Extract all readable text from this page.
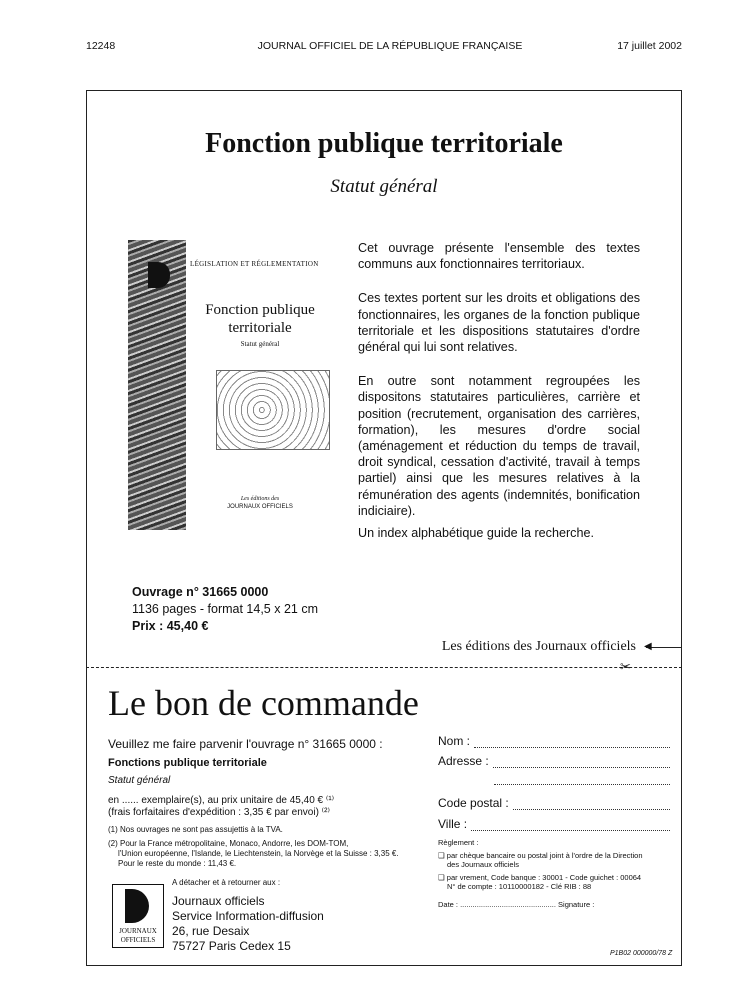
12248	JOURNAL OFFICIEL DE LA RÉPUBLIQUE FRANÇAISE	17 juillet 2002
Fonction publique territoriale
Statut général
LÉGISLATION ET RÉGLEMENTATION
Fonction publique
territoriale
Statut général
Les éditions des
JOURNAUX OFFICIELS

Cet ouvrage présente l'ensemble des textes communs aux fonctionnaires territoriaux.

Ces textes portent sur les droits et obligations des fonctionnaires, les organes de la fonction publique territoriale et les dispositions statutaires d'ordre général qui lui sont relatives.

En outre sont notamment regroupées les dispositons statutaires particulières, carrière et position (recrutement, organisation des carrières, formation), les mesures d'ordre social (aménagement et réduction du temps de travail, droit syndical, cessation d'activité, travail à temps partiel) ainsi que les mesures relatives à la rémunération des agents (indemnités, bonification indiciaire).

Un index alphabétique guide la recherche.

Ouvrage n° 31665 0000
1136 pages - format 14,5 x 21 cm
Prix : 45,40 €
Les éditions des Journaux officiels ◀
✂
Le bon de commande
Veuillez me faire parvenir l'ouvrage n° 31665 0000 :
Fonctions publique territoriale
Statut général
en ...... exemplaire(s), au prix unitaire de 45,40 € ⁽¹⁾
(frais forfaitaires d'expédition : 3,35 € par envoi) ⁽²⁾
(1) Nos ouvrages ne sont pas assujettis à la TVA.
(2) Pour la France métropolitaine, Monaco, Andorre, les DOM-TOM,
l'Union européenne, l'Islande, le Liechtenstein, la Norvège et la Suisse : 3,35 €.
Pour le reste du monde : 11,43 €.
Nom :
Adresse :
Code postal :
Ville :
Règlement :
❑ par chèque bancaire ou postal joint à l'ordre de la Direction
des Journaux officiels
❑ par vrement, Code banque : 30001 - Code guichet : 00064
N° de compte : 10110000182 - Clé RIB : 88
Date : .............................................. Signature :
A détacher et à retourner aux :
JOURNAUX
OFFICIELS
Journaux officiels
Service Information-diffusion
26, rue Desaix
75727 Paris Cedex 15
P1B02 000000/78 Z
